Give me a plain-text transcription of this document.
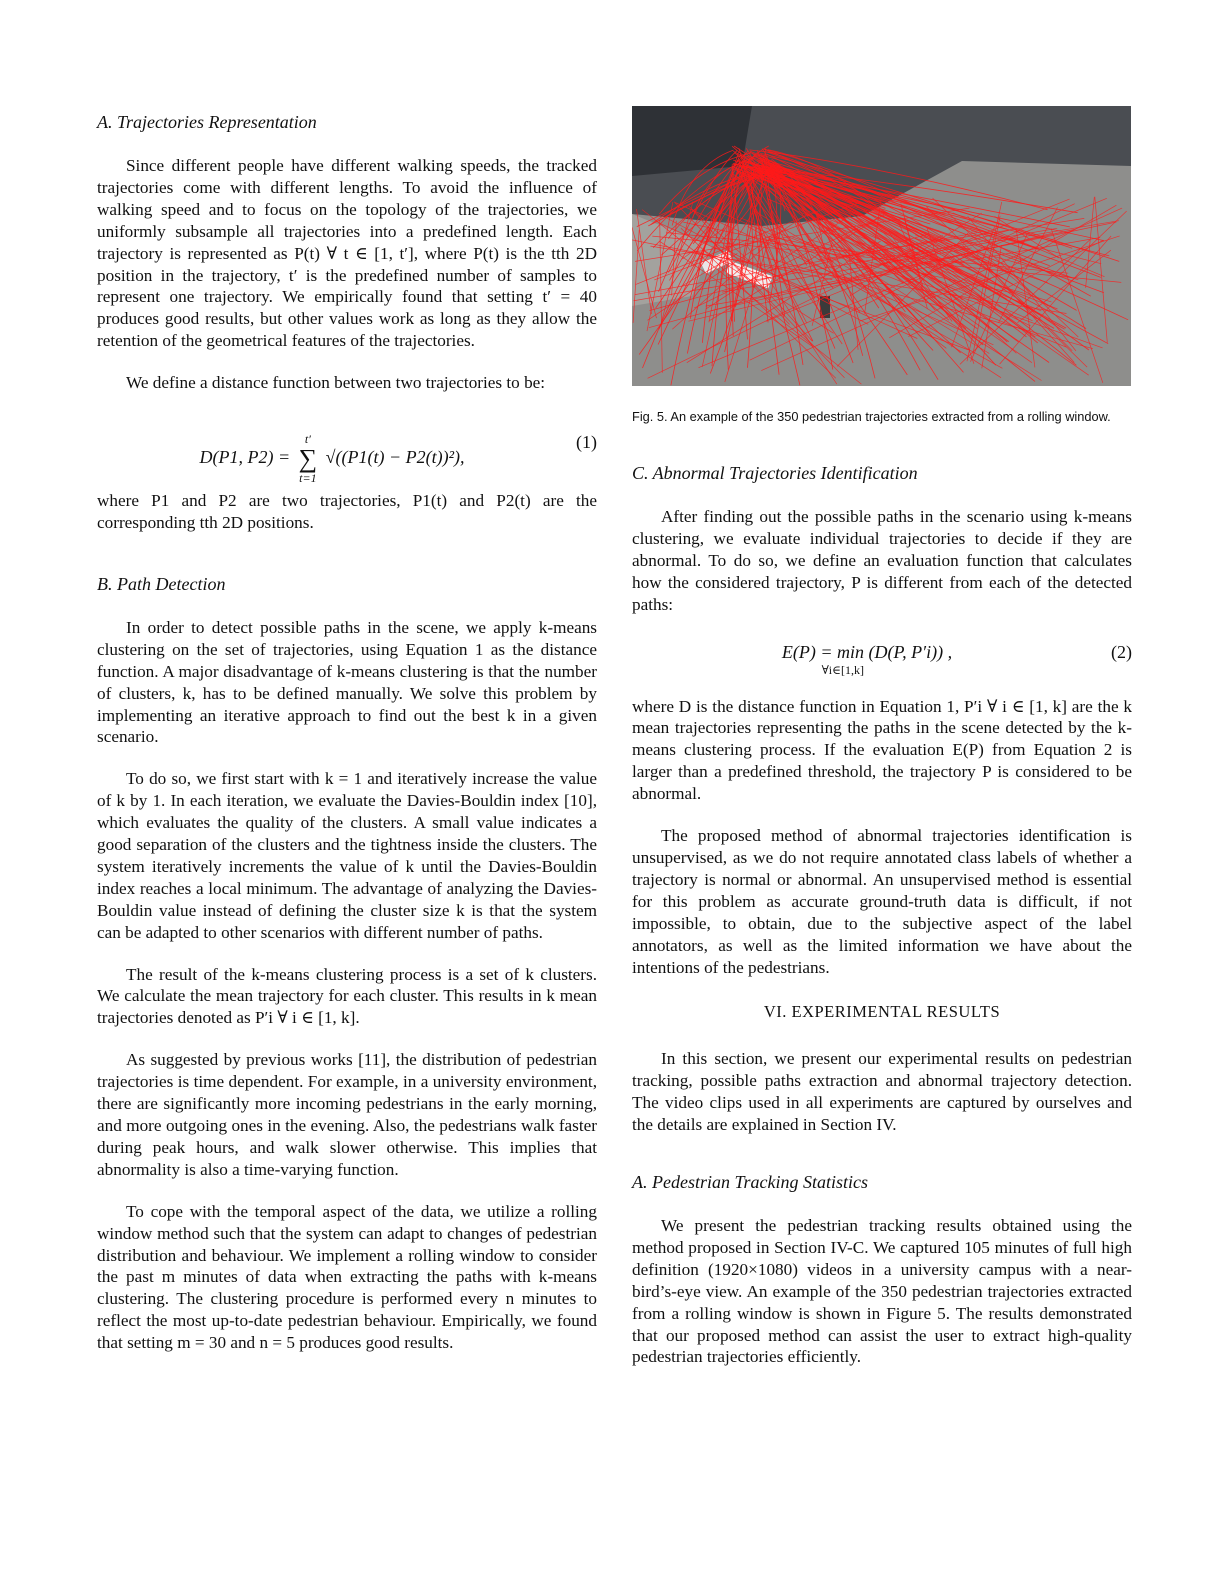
A. Trajectories Representation

Since different people have different walking speeds, the tracked trajectories come with different lengths. To avoid the influence of walking speed and to focus on the topology of the trajectories, we uniformly subsample all trajectories into a predefined length. Each trajectory is represented as P(t) ∀ t ∈ [1, t′], where P(t) is the tth 2D position in the trajectory, t′ is the predefined number of samples to represent one trajectory. We empirically found that setting t′ = 40 produces good results, but other values work as long as they allow the retention of the geometrical features of the trajectories.

We define a distance function between two trajectories to be:

D(P1, P2) =
t′
∑
t=1
√((P1(t) − P2(t))²),
(1)

where P1 and P2 are two trajectories, P1(t) and P2(t) are the corresponding tth 2D positions.

B. Path Detection

In order to detect possible paths in the scene, we apply k-means clustering on the set of trajectories, using Equation 1 as the distance function. A major disadvantage of k-means clustering is that the number of clusters, k, has to be defined manually. We solve this problem by implementing an iterative approach to find out the best k in a given scenario.

To do so, we first start with k = 1 and iteratively increase the value of k by 1. In each iteration, we evaluate the Davies-Bouldin index [10], which evaluates the quality of the clusters. A small value indicates a good separation of the clusters and the tightness inside the clusters. The system iteratively increments the value of k until the Davies-Bouldin index reaches a local minimum. The advantage of analyzing the Davies-Bouldin value instead of defining the cluster size k is that the system can be adapted to other scenarios with different number of paths.

The result of the k-means clustering process is a set of k clusters. We calculate the mean trajectory for each cluster. This results in k mean trajectories denoted as P′i ∀ i ∈ [1, k].

As suggested by previous works [11], the distribution of pedestrian trajectories is time dependent. For example, in a university environment, there are significantly more incoming pedestrians in the early morning, and more outgoing ones in the evening. Also, the pedestrians walk faster during peak hours, and walk slower otherwise. This implies that abnormality is also a time-varying function.

To cope with the temporal aspect of the data, we utilize a rolling window method such that the system can adapt to changes of pedestrian distribution and behaviour. We implement a rolling window to consider the past m minutes of data when extracting the paths with k-means clustering. The clustering procedure is performed every n minutes to reflect the most up-to-date pedestrian behaviour. Empirically, we found that setting m = 30 and n = 5 produces good results.

Fig. 5. An example of the 350 pedestrian trajectories extracted from a rolling window.
C. Abnormal Trajectories Identification

After finding out the possible paths in the scenario using k-means clustering, we evaluate individual trajectories to decide if they are abnormal. To do so, we define an evaluation function that calculates how the considered trajectory, P is different from each of the detected paths:

E(P) = min
∀i∈[1,k]
(D(P, P′i)) ,	(2)

where D is the distance function in Equation 1, P′i ∀ i ∈ [1, k] are the k mean trajectories representing the paths in the scene detected by the k-means clustering process. If the evaluation E(P) from Equation 2 is larger than a predefined threshold, the trajectory P is considered to be abnormal.

The proposed method of abnormal trajectories identification is unsupervised, as we do not require annotated class labels of whether a trajectory is normal or abnormal. An unsupervised method is essential for this problem as accurate ground-truth data is difficult, if not impossible, to obtain, due to the subjective aspect of the label annotators, as well as the limited information we have about the intentions of the pedestrians.

VI. EXPERIMENTAL RESULTS

In this section, we present our experimental results on pedestrian tracking, possible paths extraction and abnormal trajectory detection. The video clips used in all experiments are captured by ourselves and the details are explained in Section IV.

A. Pedestrian Tracking Statistics

We present the pedestrian tracking results obtained using the method proposed in Section IV-C. We captured 105 minutes of full high definition (1920×1080) videos in a university campus with a near-bird’s-eye view. An example of the 350 pedestrian trajectories extracted from a rolling window is shown in Figure 5. The results demonstrated that our proposed method can assist the user to extract high-quality pedestrian trajectories efficiently.
